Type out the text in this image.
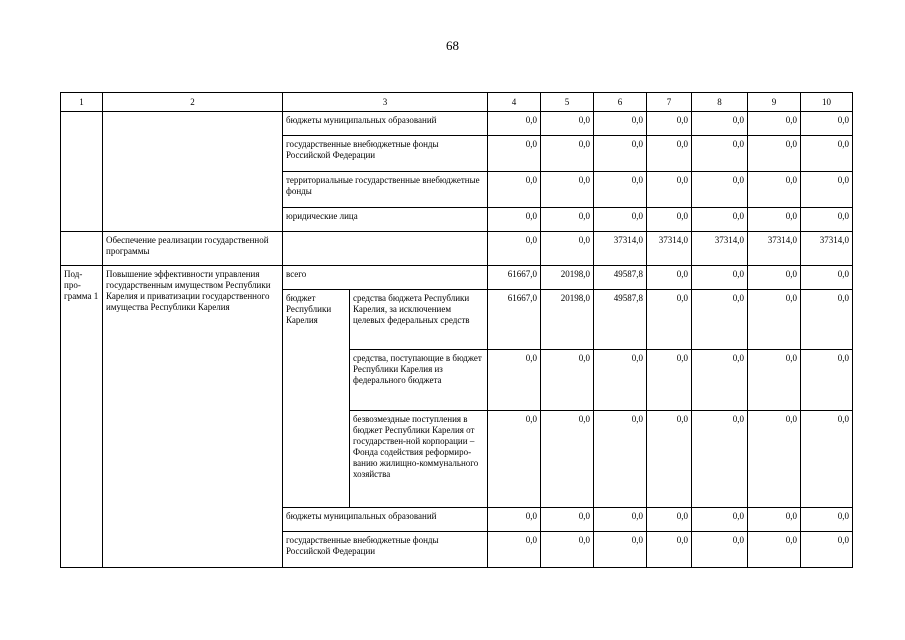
68
1	2	3		4	5	6	7	8	9	10
		бюджеты муниципальных образований		0,0	0,0	0,0	0,0	0,0	0,0	0,0
		государственные внебюджетные фонды Российской Федерации		0,0	0,0	0,0	0,0	0,0	0,0	0,0
		территориальные государственные внебюджетные фонды		0,0	0,0	0,0	0,0	0,0	0,0	0,0
		юридические лица		0,0	0,0	0,0	0,0	0,0	0,0	0,0
	Обеспечение реализации государственной программы			0,0	0,0	37314,0	37314,0	37314,0	37314,0	37314,0
Под-про-грамма 1	Повышение эффективности управления государственным имуществом Республики Карелия и приватизации государственного имущества Республики Карелия	всего		61667,0	20198,0	49587,8	0,0	0,0	0,0	0,0
		бюджет Республики Карелия	средства бюджета Республики Карелия, за исключением целевых федеральных средств	61667,0	20198,0	49587,8	0,0	0,0	0,0	0,0
			средства, поступающие в бюджет Республики Карелия из федерального бюджета	0,0	0,0	0,0	0,0	0,0	0,0	0,0
			безвозмездные поступления в бюджет Республики Карелия от государствен-ной корпорации – Фонда содействия реформиро-ванию жилищно-коммунального хозяйства	0,0	0,0	0,0	0,0	0,0	0,0	0,0
		бюджеты муниципальных образований		0,0	0,0	0,0	0,0	0,0	0,0	0,0
		государственные внебюджетные фонды Российской Федерации		0,0	0,0	0,0	0,0	0,0	0,0	0,0
